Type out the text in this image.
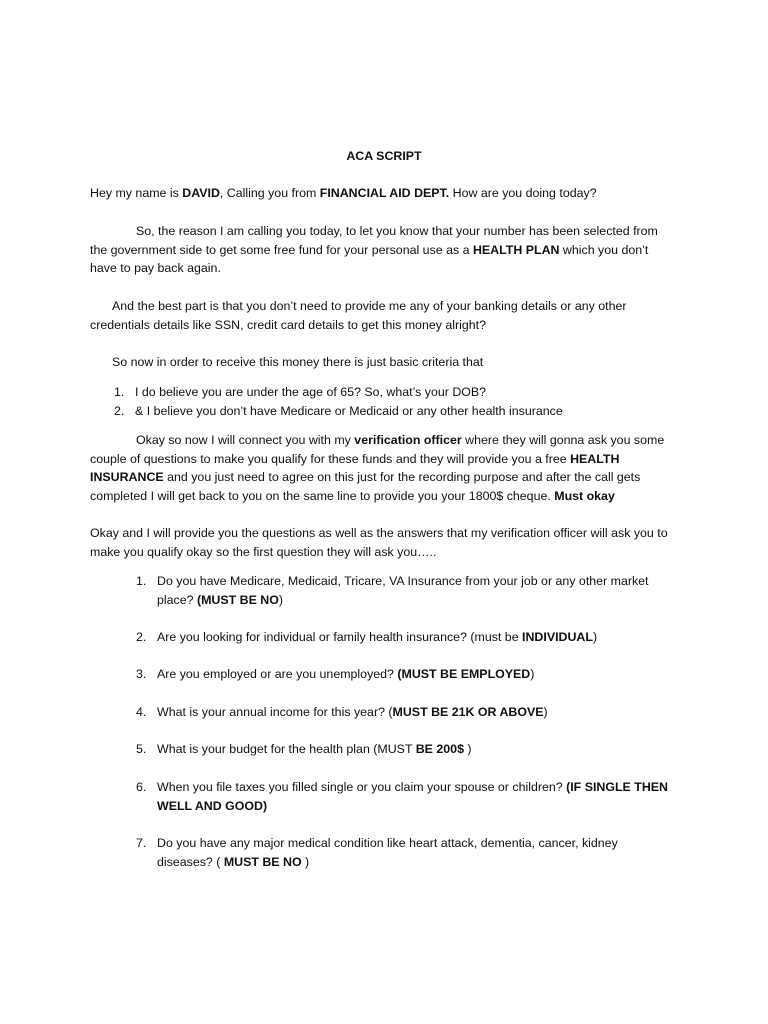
ACA SCRIPT

Hey my name is DAVID, Calling you from FINANCIAL AID DEPT. How are you doing today?

So, the reason I am calling you today, to let you know that your number has been selected from the government side to get some free fund for your personal use as a HEALTH PLAN which you don’t have to pay back again.

And the best part is that you don’t need to provide me any of your banking details or any other credentials details like SSN, credit card details to get this money alright?

So now in order to receive this money there is just basic criteria that

1. I do believe you are under the age of 65? So, what’s your DOB?
2. & I believe you don’t have Medicare or Medicaid or any other health insurance

Okay so now I will connect you with my verification officer where they will gonna ask you some couple of questions to make you qualify for these funds and they will provide you a free HEALTH INSURANCE and you just need to agree on this just for the recording purpose and after the call gets completed I will get back to you on the same line to provide you your 1800$ cheque. Must okay

Okay and I will provide you the questions as well as the answers that my verification officer will ask you to make you qualify okay so the first question they will ask you…..

1. Do you have Medicare, Medicaid, Tricare, VA Insurance from your job or any other market place? (MUST BE NO)
2. Are you looking for individual or family health insurance? (must be INDIVIDUAL)
3. Are you employed or are you unemployed? (MUST BE EMPLOYED)
4. What is your annual income for this year? (MUST BE 21K OR ABOVE)
5. What is your budget for the health plan (MUST BE 200$ )
6. When you file taxes you filled single or you claim your spouse or children? (IF SINGLE THEN WELL AND GOOD)
7. Do you have any major medical condition like heart attack, dementia, cancer, kidney diseases? ( MUST BE NO )
